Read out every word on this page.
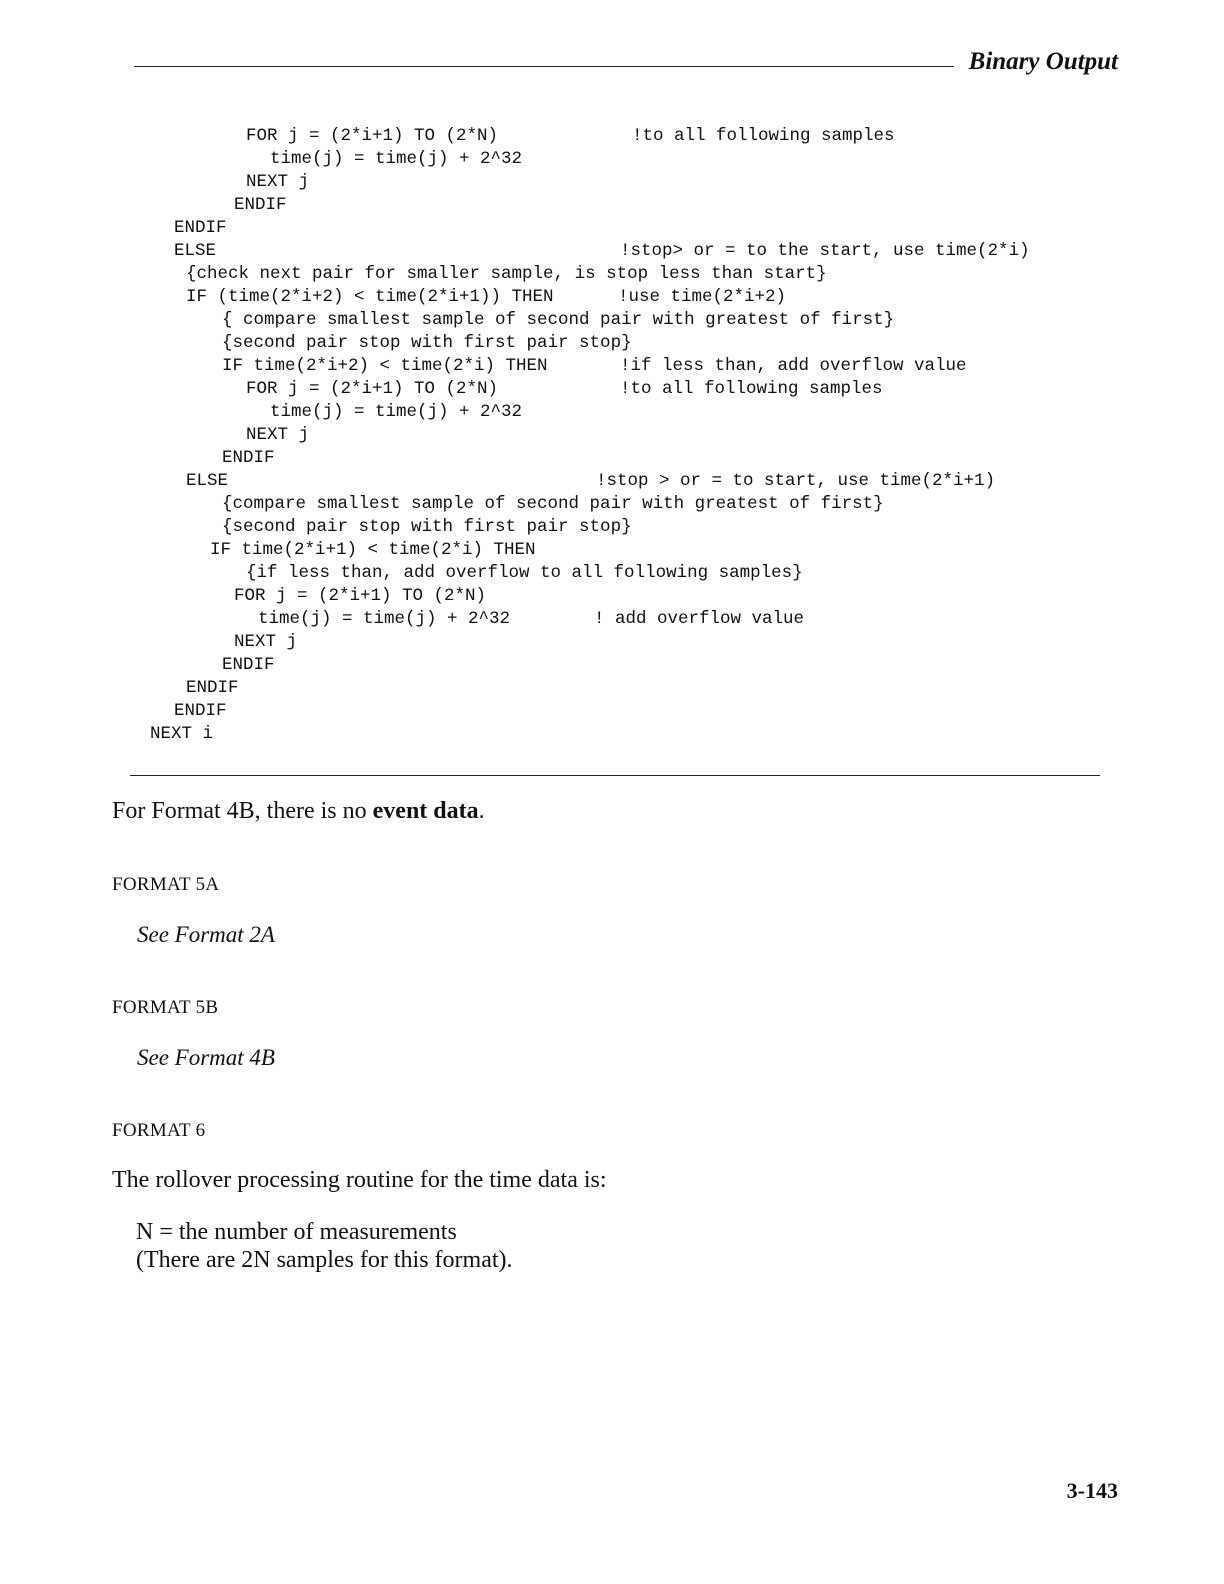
Binary Output
FOR j = (2*i+1) TO (2*N)	!to all following samples
time(j) = time(j) + 2^32
NEXT j
ENDIF
ENDIF
ELSE	!stop> or = to the start, use time(2*i)
{check next pair for smaller sample, is stop less than start}
IF (time(2*i+2) < time(2*i+1)) THEN	!use time(2*i+2)
{ compare smallest sample of second pair with greatest of first}
{second pair stop with first pair stop}
IF time(2*i+2) < time(2*i) THEN	!if less than, add overflow value
FOR j = (2*i+1) TO (2*N)	!to all following samples
time(j) = time(j) + 2^32
NEXT j
ENDIF
ELSE	!stop > or = to start, use time(2*i+1)
{compare smallest sample of second pair with greatest of first}
{second pair stop with first pair stop}
IF time(2*i+1) < time(2*i) THEN
{if less than, add overflow to all following samples}
FOR j = (2*i+1) TO (2*N)
time(j) = time(j) + 2^32	! add overflow value
NEXT j
ENDIF
ENDIF
ENDIF
NEXT i
For Format 4B, there is no event data.
FORMAT 5A
See Format 2A
FORMAT 5B
See Format 4B
FORMAT 6
The rollover processing routine for the time data is:
N = the number of measurements
(There are 2N samples for this format).
3-143
